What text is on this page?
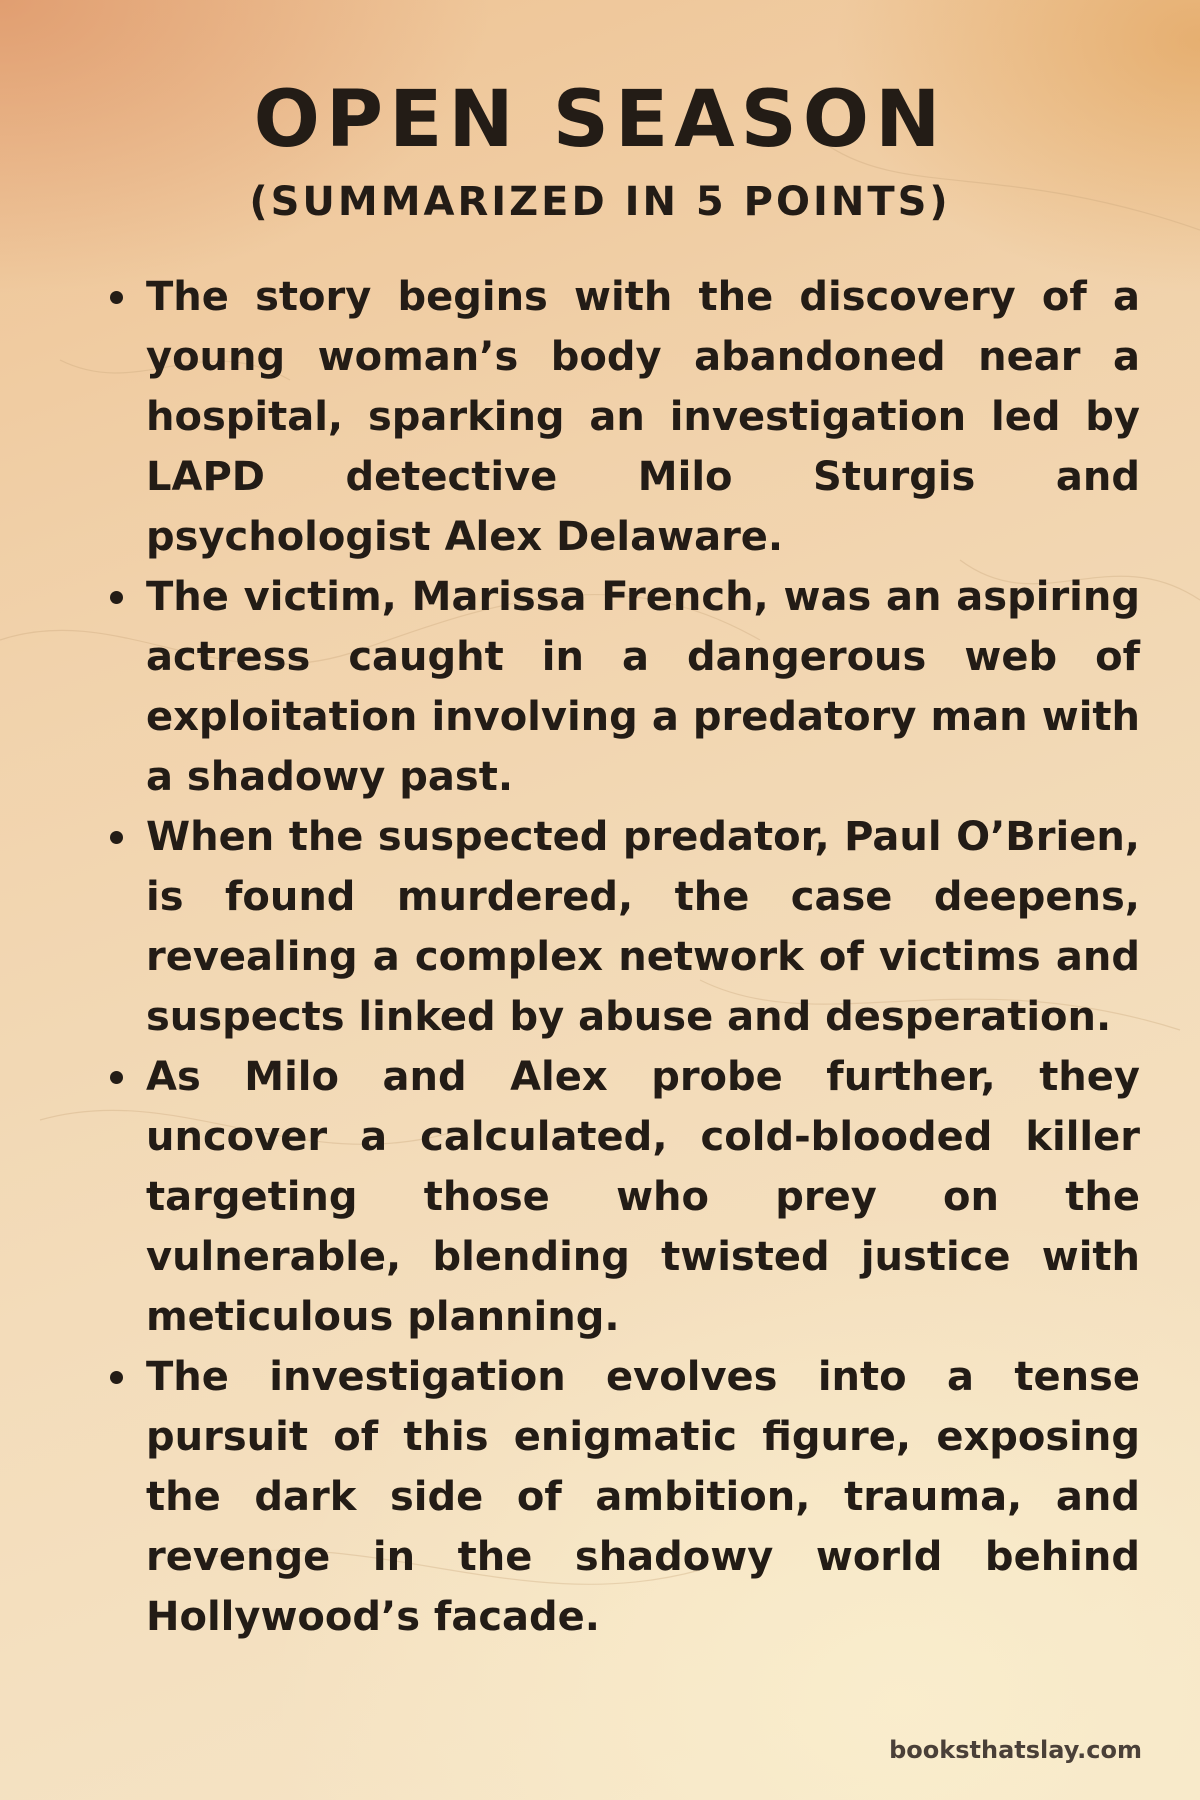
OPEN SEASON
(SUMMARIZED IN 5 POINTS)
The story begins with the discovery of a young woman’s body abandoned near a hospital, sparking an investigation led by LAPD detective Milo Sturgis and psychologist Alex Delaware.
The victim, Marissa French, was an aspiring actress caught in a dangerous web of exploitation involving a predatory man with a shadowy past.
When the suspected predator, Paul O’Brien, is found murdered, the case deepens, revealing a complex network of victims and suspects linked by abuse and desperation.
As Milo and Alex probe further, they uncover a calculated, cold-blooded killer targeting those who prey on the vulnerable, blending twisted justice with meticulous planning.
The investigation evolves into a tense pursuit of this enigmatic figure, exposing the dark side of ambition, trauma, and revenge in the shadowy world behind Hollywood’s facade.
booksthatslay.com
